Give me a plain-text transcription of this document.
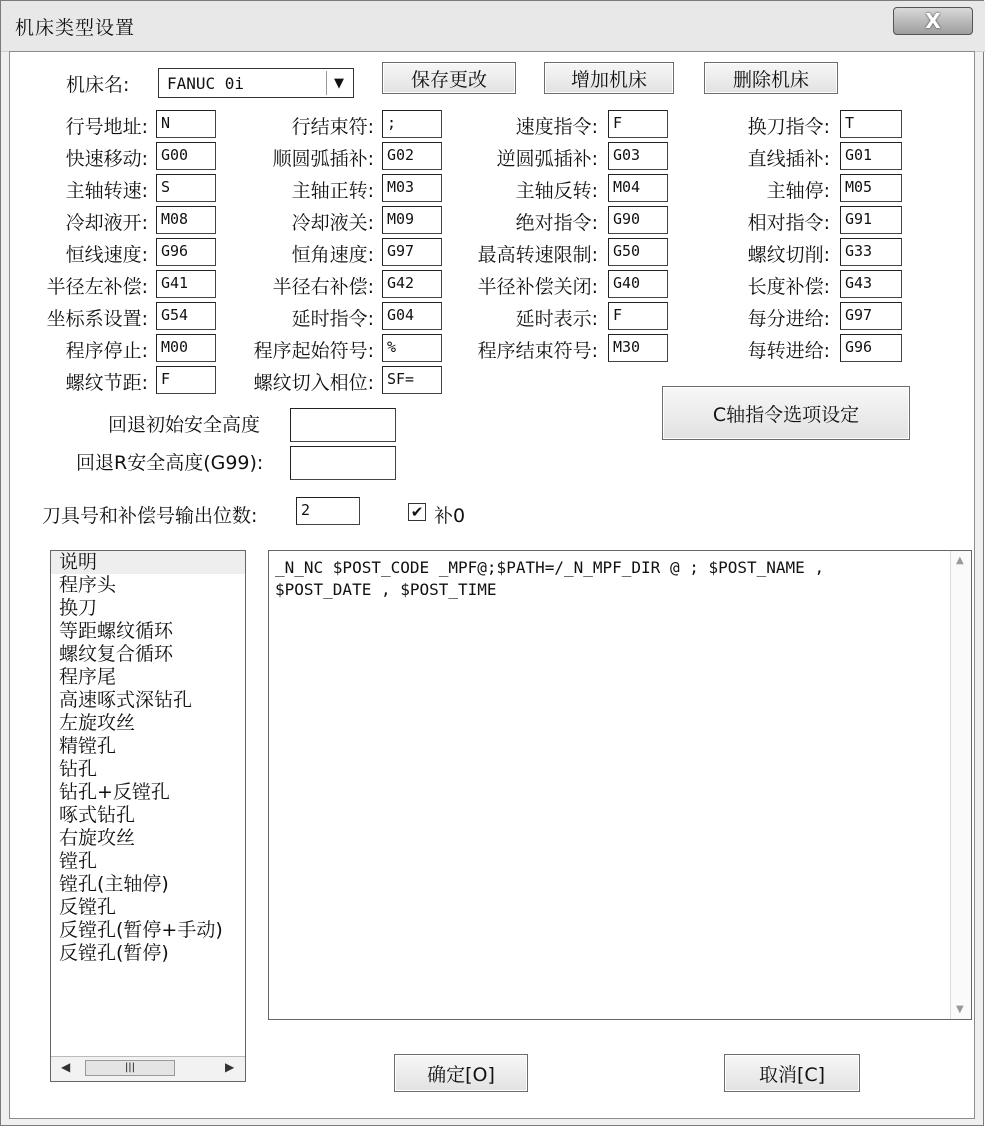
机床类型设置	X
机床名: FANUC 0i	▼	保存更改	增加机床	删除机床
行号地址: N	行结束符: ;	速度指令:	F	换刀指令:	T
快速移动: G00	顺圆弧插补: G02	逆圆弧插补:	G03	直线插补:	G01
主轴转速: S	主轴正转: M03	主轴反转:	M04	主轴停:	M05
冷却液开: M08	冷却液关: M09	绝对指令:	G90	相对指令:	G91
恒线速度: G96	恒角速度: G97	最高转速限制:	G50	螺纹切削:	G33
半径左补偿: G41	半径右补偿: G42	半径补偿关闭:	G40	长度补偿:	G43
坐标系设置: G54	延时指令: G04	延时表示:	F	每分进给:	G97
程序停止: M00	程序起始符号: %	程序结束符号:	M30	每转进给:	G96
螺纹节距: F	螺纹切入相位: SF=
C轴指令选项设定
回退初始安全高度
回退R安全高度(G99):
刀具号和补偿号输出位数:	2	✔ 补0
说明
程序头
换刀
等距螺纹循环
螺纹复合循环
程序尾
高速啄式深钻孔
左旋攻丝
精镗孔
钻孔
钻孔+反镗孔
啄式钻孔
右旋攻丝
镗孔
镗孔(主轴停)
反镗孔
反镗孔(暂停+手动)
反镗孔(暂停)
◀	|||	▶
_N_NC $POST_CODE _MPF@;$PATH=/_N_MPF_DIR @ ; $POST_NAME ,
$POST_DATE , $POST_TIME
▲
▼
确定[O]	取消[C]
